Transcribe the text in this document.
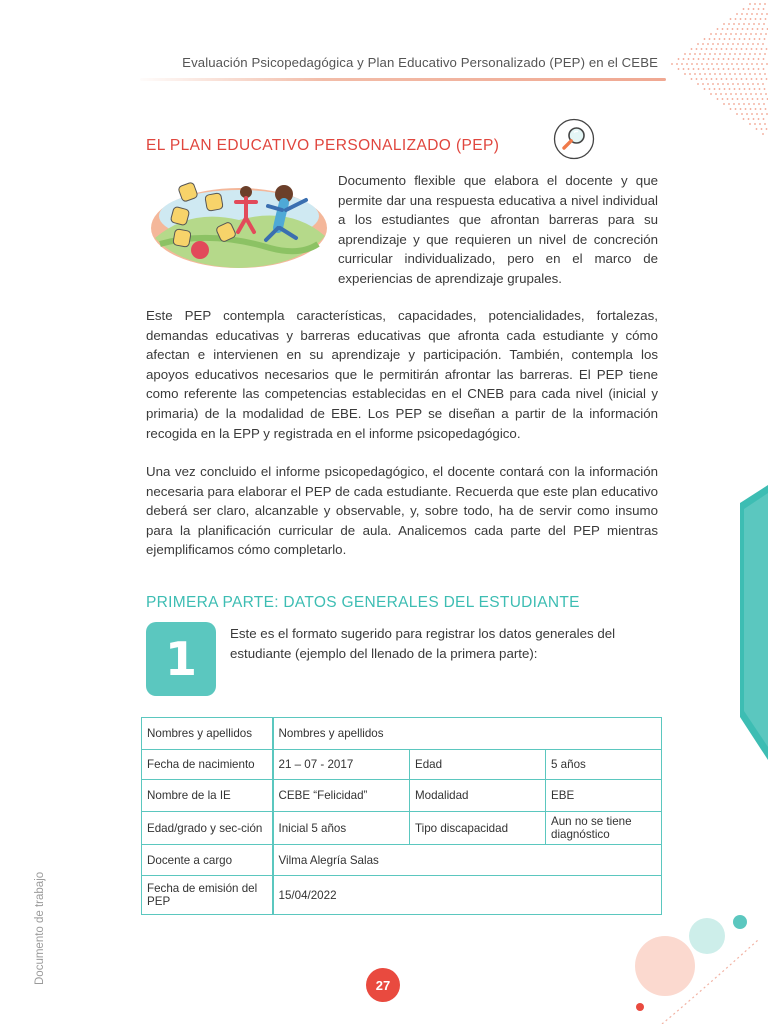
Evaluación Psicopedagógica y Plan Educativo Personalizado (PEP) en el CEBE
EL PLAN EDUCATIVO PERSONALIZADO (PEP)
Documento flexible que elabora el docente y que permite dar una respuesta educativa a nivel individual a los estudiantes que afrontan barreras para su aprendizaje y que requieren un nivel de concreción curricular individualizado, pero en el marco de experiencias de aprendizaje grupales.
Este PEP contempla características, capacidades, potencialidades, fortalezas, demandas educativas y barreras educativas que afronta cada estudiante y cómo afectan e intervienen en su aprendizaje y participación. También, contempla los apoyos educativos necesarios que le permitirán afrontar las barreras. El PEP tiene como referente las competencias establecidas en el CNEB para cada nivel (inicial y primaria) de la modalidad de EBE. Los PEP se diseñan a partir de la información recogida en la EPP y registrada en el informe psicopedagógico.
Una vez concluido el informe psicopedagógico, el docente contará con la información necesaria para elaborar el PEP de cada estudiante. Recuerda que este plan educativo deberá ser claro, alcanzable y observable, y, sobre todo, ha de servir como insumo para la planificación curricular de aula. Analicemos cada parte del PEP mientras ejemplificamos cómo completarlo.
PRIMERA PARTE: DATOS GENERALES DEL ESTUDIANTE
1 Este es el formato sugerido para registrar los datos generales del estudiante (ejemplo del llenado de la primera parte):
Nombres y apellidos	Nombres y apellidos		
Fecha de nacimiento	21 – 07 - 2017	Edad	5 años
Nombre de la IE	CEBE “Felicidad”	Modalidad	EBE
Edad/grado y sec-ción	Inicial 5 años	Tipo discapacidad	Aun no se tiene diagnóstico
Docente a cargo	Vilma Alegría Salas		
Fecha de emisión del PEP	15/04/2022		
Documento de trabajo	27
